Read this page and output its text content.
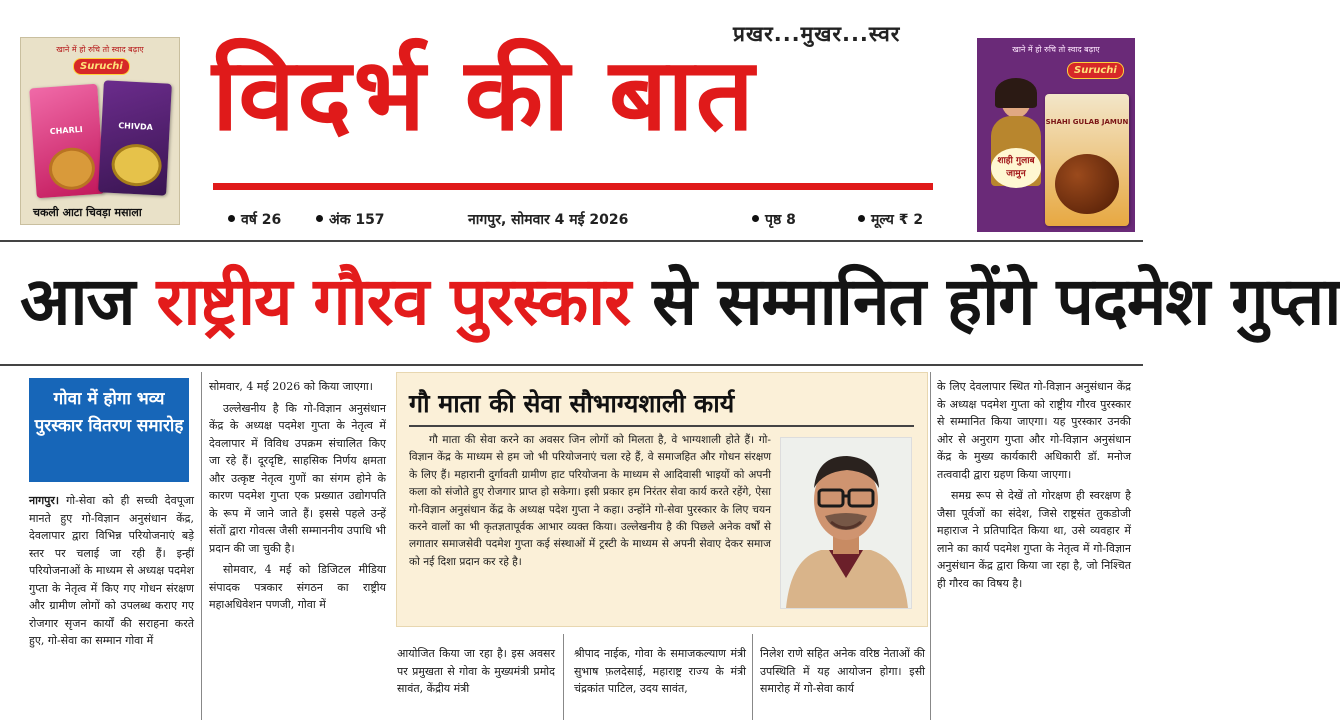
खाने में हो रुचि तो स्वाद बढ़ाए
Suruchi
CHARLI	CHIVDA
चकली आटा चिवड़ा मसाला
खाने में हो रुचि तो स्वाद बढ़ाए
Suruchi
शाही गुलाब जामुन
SHAHI GULAB JAMUN
प्रखर...मुखर...स्वर
विदर्भ की बात
वर्ष 26	अंक 157	नागपुर, सोमवार 4 मई 2026	पृष्ठ 8	मूल्य ₹ 2
आज राष्ट्रीय गौरव पुरस्कार से सम्मानित होंगे पदमेश गुप्ता
गोवा में होगा भव्य पुरस्कार वितरण समारोह

नागपुर। गो-सेवा को ही सच्ची देवपूजा मानते हुए गो-विज्ञान अनुसंधान केंद्र, देवलापार द्वारा विभिन्न परियोजनाएं बड़े स्तर पर चलाई जा रही हैं। इन्हीं परियोजनाओं के माध्यम से अध्यक्ष पदमेश गुप्ता के नेतृत्व में किए गए गोधन संरक्षण और ग्रामीण लोगों को उपलब्ध कराए गए रोजगार सृजन कार्यों की सराहना करते हुए, गो-सेवा का सम्मान गोवा में

सोमवार, 4 मई 2026 को किया जाएगा।

उल्लेखनीय है कि गो-विज्ञान अनुसंधान केंद्र के अध्यक्ष पदमेश गुप्ता के नेतृत्व में देवलापार में विविध उपक्रम संचालित किए जा रहे हैं। दूरदृष्टि, साहसिक निर्णय क्षमता और उत्कृष्ट नेतृत्व गुणों का संगम होने के कारण पदमेश गुप्ता एक प्रख्यात उद्योगपति के रूप में जाने जाते हैं। इससे पहले उन्हें संतों द्वारा गोवत्स जैसी सम्माननीय उपाधि भी प्रदान की जा चुकी है।

सोमवार, 4 मई को डिजिटल मीडिया संपादक पत्रकार संगठन का राष्ट्रीय महाअधिवेशन पणजी, गोवा में

गौ माता की सेवा सौभाग्यशाली कार्य

गौ माता की सेवा करने का अवसर जिन लोगों को मिलता है, वे भाग्यशाली होते हैं। गो-विज्ञान केंद्र के माध्यम से हम जो भी परियोजनाएं चला रहे हैं, वे समाजहित और गोधन संरक्षण के लिए हैं। महारानी दुर्गावती ग्रामीण हाट परियोजना के माध्यम से आदिवासी भाइयों को अपनी कला को संजोते हुए रोजगार प्राप्त हो सकेगा। इसी प्रकार हम निरंतर सेवा कार्य करते रहेंगे, ऐसा गो-विज्ञान अनुसंधान केंद्र के अध्यक्ष पदेश गुप्ता ने कहा। उन्होंने गो-सेवा पुरस्कार के लिए चयन करने वालों का भी कृतज्ञतापूर्वक आभार व्यक्त किया। उल्लेखनीय है की पिछले अनेक वर्षों से लगातार समाजसेवी पदमेश गुप्ता कई संस्थाओं में ट्रस्टी के माध्यम से अपनी सेवाए देकर समाज को नई दिशा प्रदान कर रहे है।

आयोजित किया जा रहा है। इस अवसर पर प्रमुखता से गोवा के मुख्यमंत्री प्रमोद सावंत, केंद्रीय मंत्री

श्रीपाद नाईक, गोवा के समाजकल्याण मंत्री सुभाष फ़लदेसाई, महाराष्ट्र राज्य के मंत्री चंद्रकांत पाटिल, उदय सावंत,

निलेश राणे सहित अनेक वरिष्ठ नेताओं की उपस्थिति में यह आयोजन होगा। इसी समारोह में गो-सेवा कार्य

के लिए देवलापार स्थित गो-विज्ञान अनुसंधान केंद्र के अध्यक्ष पदमेश गुप्ता को राष्ट्रीय गौरव पुरस्कार से सम्मानित किया जाएगा। यह पुरस्कार उनकी ओर से अनुराग गुप्ता और गो-विज्ञान अनुसंधान केंद्र के मुख्य कार्यकारी अधिकारी डॉ. मनोज तत्ववादी द्वारा ग्रहण किया जाएगा।

समग्र रूप से देखें तो गोरक्षण ही स्वरक्षण है जैसा पूर्वजों का संदेश, जिसे राष्ट्रसंत तुकडोजी महाराज ने प्रतिपादित किया था, उसे व्यवहार में लाने का कार्य पदमेश गुप्ता के नेतृत्व में गो-विज्ञान अनुसंधान केंद्र द्वारा किया जा रहा है, जो निश्चित ही गौरव का विषय है।
